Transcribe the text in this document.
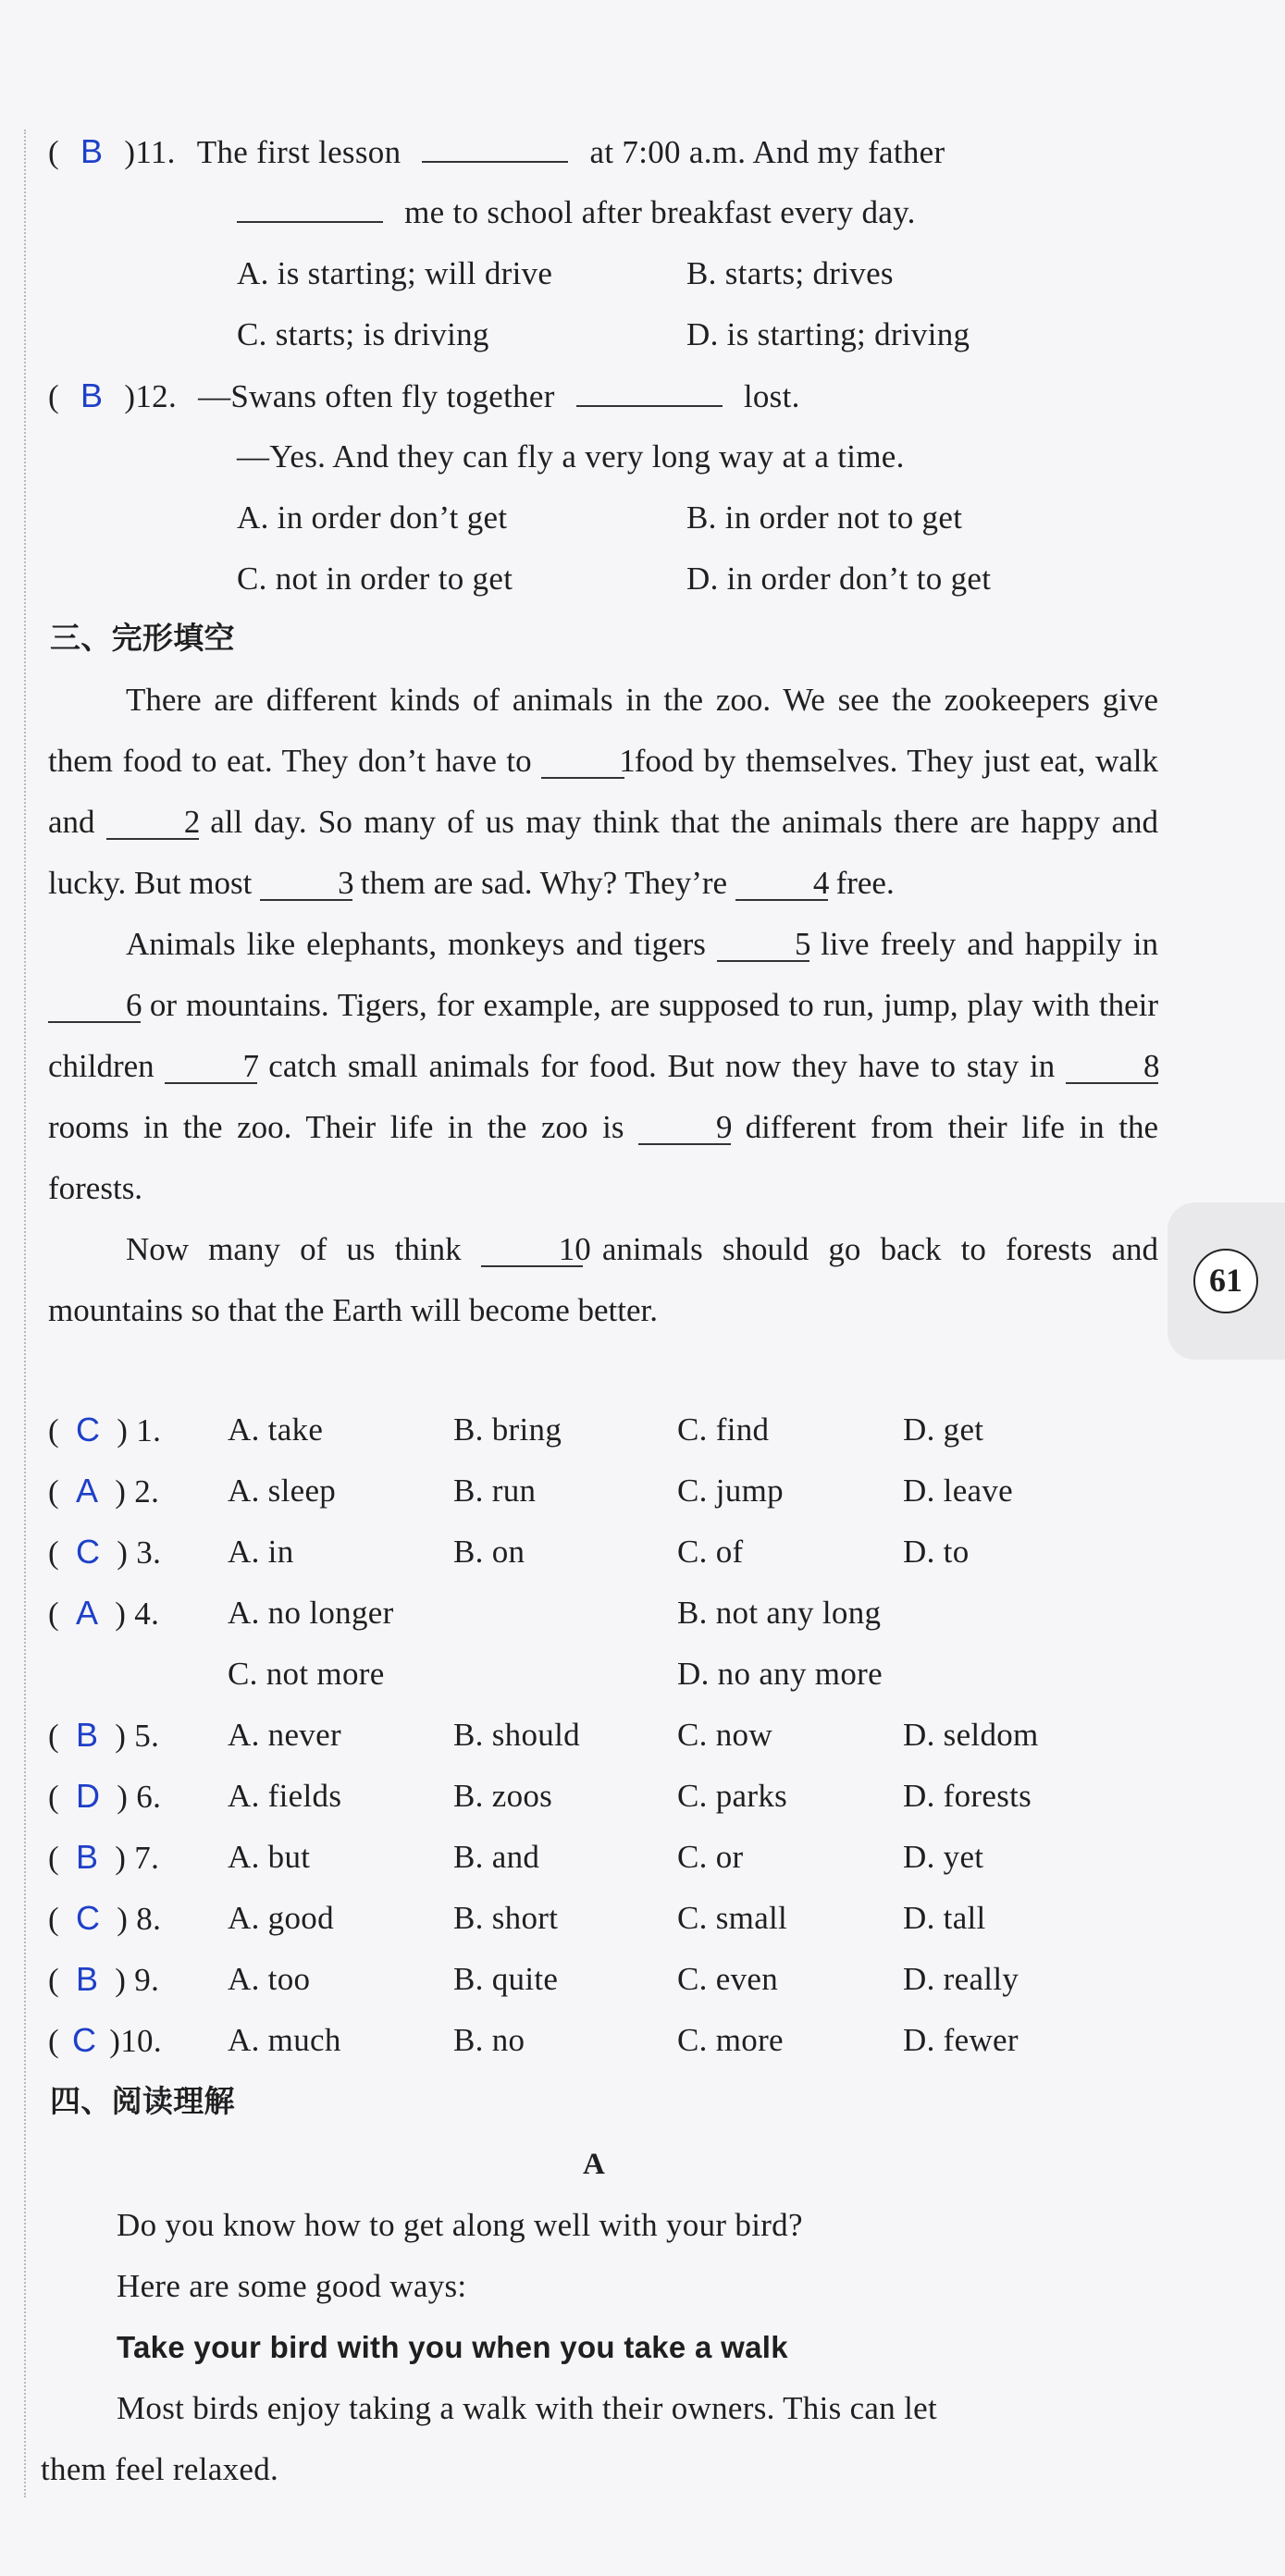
61
( B )11. The first lesson	at 7:00 a.m. And my father
me to school after breakfast every day.
A. is starting; will drive	B. starts; drives
C. starts; is driving	D. is starting; driving
( B )12. —Swans often fly together	lost.
—Yes. And they can fly a very long way at a time.
A. in order don’t get	B. in order not to get
C. not in order to get	D. in order don’t to get
三、完形填空

There are different kinds of animals in the zoo. We see the zookeepers give them food to eat. They don’t have to	1 food by themselves. They just eat, walk and	2 all day. So many of us may think that the animals there are happy and lucky. But most	3 them are sad. Why? They’re	4 free.

Animals like elephants, monkeys and tigers	5 live freely and happily in 6 or mountains. Tigers, for example, are supposed to run, jump, play with their children	7 catch small animals for food. But now they have to stay in	8 rooms in the zoo. Their life in the zoo is	9 different from their life in the forests.

Now many of us think	10 animals should go back to forests and mountains so that the Earth will become better.

( C ) 1. A. take	B. bring	C. find	D. get
( A ) 2. A. sleep	B. run	C. jump	D. leave
( C ) 3. A. in	B. on	C. of	D. to
( A ) 4. A. no longer	B. not any long
C. not more	D. no any more
( B ) 5. A. never	B. should	C. now	D. seldom
( D ) 6. A. fields	B. zoos	C. parks	D. forests
( B ) 7. A. but	B. and	C. or	D. yet
( C ) 8. A. good	B. short	C. small	D. tall
( B ) 9. A. too	B. quite	C. even	D. really
( C )10. A. much	B. no	C. more	D. fewer
四、阅读理解
A
Do you know how to get along well with your bird?
Here are some good ways:
Take your bird with you when you take a walk
Most birds enjoy taking a walk with their owners. This can let
them feel relaxed.
